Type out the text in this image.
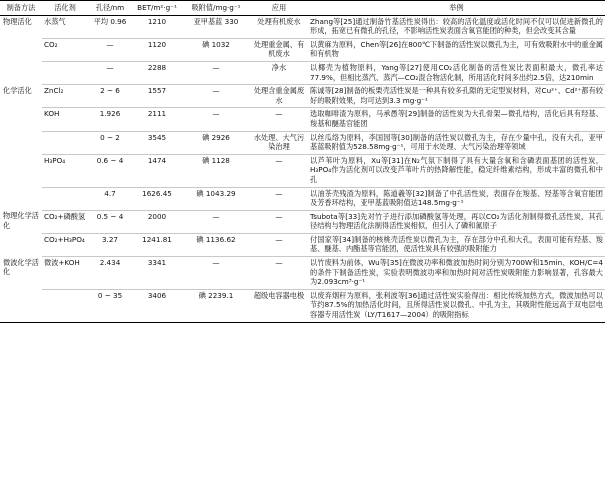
制备方法	活化剂	孔径/nm	BET/m²·g⁻¹	吸附值/mg·g⁻¹	应用	举例
物理活化	水蒸气	平均 0.96	1210	亚甲基蓝 330	处理有机废水	Zhang等[25]通过制备竹基活性炭得出：较高的活化温度或活化时间不仅可以促进新微孔的形成，拓宽已有微孔的孔径，不影响活性炭表面含氧官能团的种类，但会改变其含量
	CO₂	—	1120	碘 1032	处理重金属、有机废水	以黄麻为原料，Chen等[26]在800℃下制备的活性炭以微孔为主，可有效吸附水中的重金属和有机物
		—	2288	—	净水	以椰壳为植物原料，Yang等[27]使用CO₂活化制备的活性炭比表面积最大，微孔率达77.9%，但相比蒸汽、蒸汽—CO₂混合物活化制，所用活化时间多出约2.5倍，达210min
化学活化	ZnCl₂	2 ~ 6	1557	—	处理含重金属废水	陈诚等[28]制备的板栗壳活性炭是一种具有较多孔隙的无定型炭材料，对Cu²⁺、Cd²⁺都有较好的吸附效果，均可达到3.3 mg·g⁻¹
	KOH	1.926	2111	—	—	选取咖啡渣为原料，马承愚等[29]制备的活性炭为大孔骨架—微孔结构，活化后具有羟基、羧基和醚基官能团
		0 ~ 2	3545	碘 2926	水处理、大气污染治理	以丝瓜络为原料，李国园等[30]制备的活性炭以微孔为主，存在少量中孔，没有大孔，亚甲基蓝吸附值为528.58mg·g⁻¹，可用于水处理、大气污染治理等领域
	H₃PO₄	0.6 ~ 4	1474	碘 1128	—	以芦苇叶为原料，Xu等[31]在N₂气氛下制得了具有大量含氧和含磷表面基团的活性炭，H₃PO₄作为活化剂可以改变芦苇叶片的热降解性能，稳定纤维素结构，形成丰富的微孔和中孔
		4.7	1626.45	碘 1043.29	—	以油茶壳残渣为原料，陈道羲等[32]制备了中孔活性炭，表面存在羧基、羟基等含氧官能团及芳香环结构，亚甲基蓝吸附值达148.5mg·g⁻¹
物理化学活化	CO₂+磷酸氢	0.5 ~ 4	2000	—	—	Tsubota等[33]先对竹子进行添加磷酸氢等处理，再以CO₂为活化剂制得微孔活性炭，其孔径结构与物理活化法制得活性炭相似，但引入了磷和氮原子
	CO₂+H₃PO₄	3.27	1241.81	碘 1136.62	—	付国家等[34]制备的核桃壳活性炭以微孔为主，存在部分中孔和大孔，表面可能有羟基、羧基、醚基、内酯基等官能团，使活性炭具有较强的吸附能力
微波化学活化	微波+KOH	2.434	3341	—	—	以竹废料为前体，Wu等[35]在微波功率和微波加热时间分别为700W和15min、KOH/C=4的条件下制备活性炭，实验表明微波功率和加热时间对活性炭吸附能力影响显著，孔容最大为2.093cm³·g⁻¹
		0 ~ 35	3406	碘 2239.1	超级电容器电极	以废弃烟秆为原料，张利波等[36]通过活性炭实验得出：相比传统加热方式，微波加热可以节约87.5%的加热活化时间，且所得活性炭以微孔、中孔为主，其吸附性能远高于双电层电容器专用活性炭（LY/T1617—2004）的吸附指标
